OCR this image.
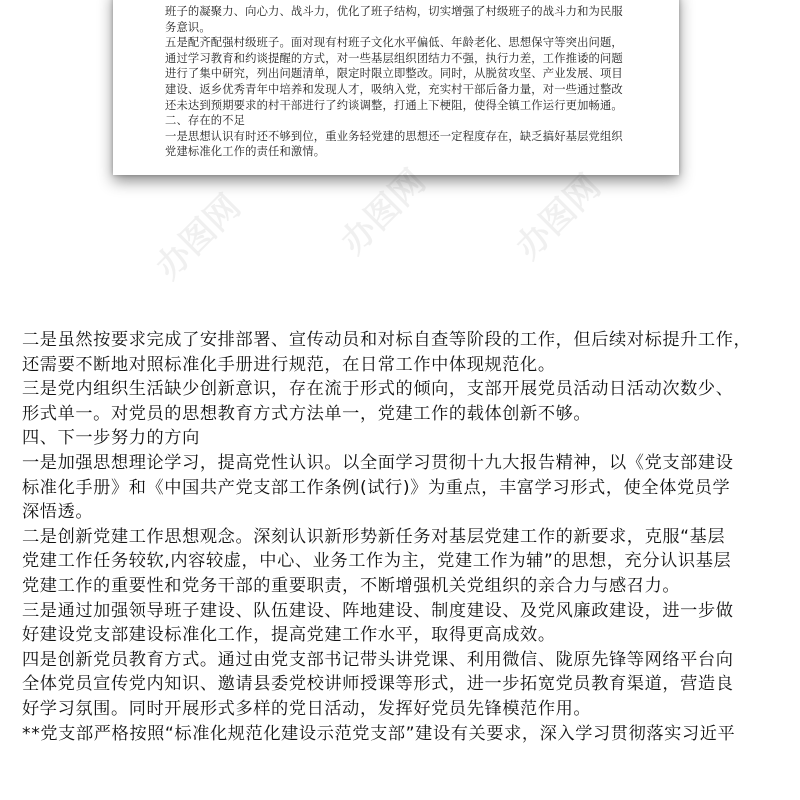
班子的凝聚力、向心力、战斗力，优化了班子结构，切实增强了村级班子的战斗力和为民服

务意识。

五是配齐配强村级班子。面对现有村班子文化水平偏低、年龄老化、思想保守等突出问题，

通过学习教育和约谈提醒的方式，对一些基层组织团结力不强，执行力差，工作推诿的问题

进行了集中研究，列出问题清单，限定时限立即整改。同时，从脱贫攻坚、产业发展、项目

建设、返乡优秀青年中培养和发现人才，吸纳入党，充实村干部后备力量，对一些通过整改

还未达到预期要求的村干部进行了约谈调整，打通上下梗阻，使得全镇工作运行更加畅通。

二、存在的不足

一是思想认识有时还不够到位，重业务轻党建的思想还一定程度存在，缺乏搞好基层党组织

党建标准化工作的责任和激情。

办图网 办图网 办图网

二是虽然按要求完成了安排部署、宣传动员和对标自查等阶段的工作，但后续对标提升工作，

还需要不断地对照标准化手册进行规范，在日常工作中体现规范化。

三是党内组织生活缺少创新意识，存在流于形式的倾向，支部开展党员活动日活动次数少、

形式单一。对党员的思想教育方式方法单一，党建工作的载体创新不够。

四、下一步努力的方向

一是加强思想理论学习，提高党性认识。以全面学习贯彻十九大报告精神，以《党支部建设

标准化手册》和《中国共产党支部工作条例(试行)》为重点，丰富学习形式，使全体党员学

深悟透。

二是创新党建工作思想观念。深刻认识新形势新任务对基层党建工作的新要求，克服“基层

党建工作任务较软,内容较虚，中心、业务工作为主，党建工作为辅”的思想，充分认识基层

党建工作的重要性和党务干部的重要职责，不断增强机关党组织的亲合力与感召力。

三是通过加强领导班子建设、队伍建设、阵地建设、制度建设、及党风廉政建设，进一步做

好建设党支部建设标准化工作，提高党建工作水平，取得更高成效。

四是创新党员教育方式。通过由党支部书记带头讲党课、利用微信、陇原先锋等网络平台向

全体党员宣传党内知识、邀请县委党校讲师授课等形式，进一步拓宽党员教育渠道，营造良

好学习氛围。同时开展形式多样的党日活动，发挥好党员先锋模范作用。

**党支部严格按照“标准化规范化建设示范党支部”建设有关要求，深入学习贯彻落实习近平
